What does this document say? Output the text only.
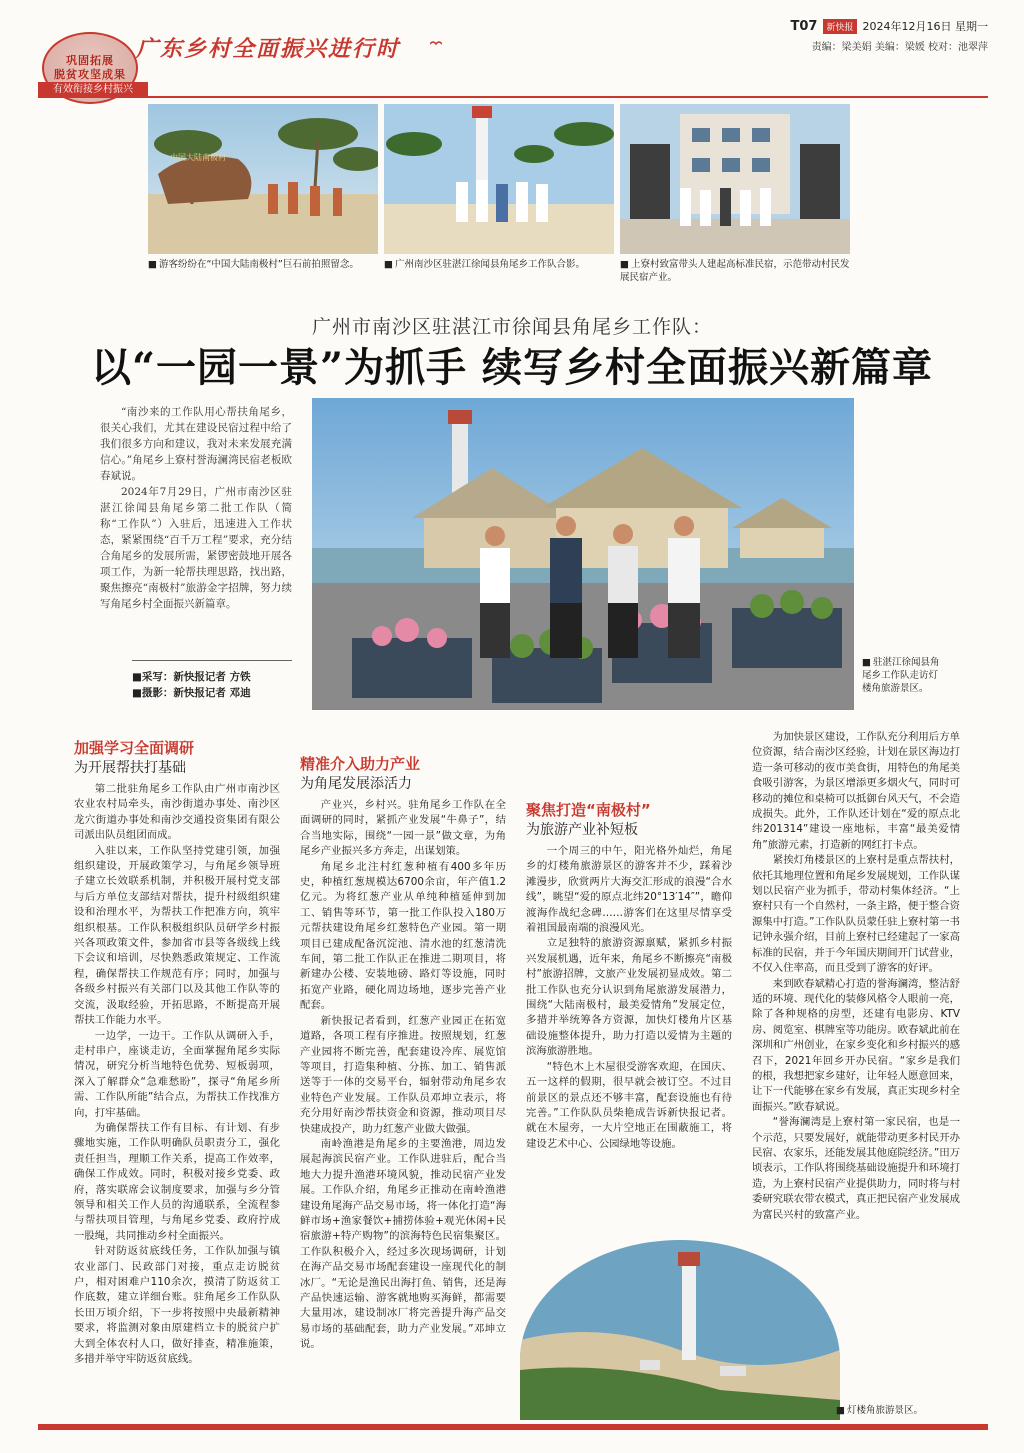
巩固拓展
脱贫攻坚成果
有效衔接乡村振兴
广东乡村全面振兴进行时
T07	新快报 2024年12月16日 星期一
责编：梁美娟 美编：梁媛 校对：池翠萍
中国大陆南极村
■ 游客纷纷在“中国大陆南极村”巨石前拍照留念。	■ 广州南沙区驻湛江徐闻县角尾乡工作队合影。	■ 上寮村致富带头人建起高标准民宿，示范带动村民发展民宿产业。
广州市南沙区驻湛江市徐闻县角尾乡工作队：
以“一园一景”为抓手 续写乡村全面振兴新篇章

“南沙来的工作队用心帮扶角尾乡，很关心我们，尤其在建设民宿过程中给了我们很多方向和建议，我对未来发展充满信心。”角尾乡上寮村誉海澜湾民宿老板欧春斌说。

2024年7月29日，广州市南沙区驻湛江徐闻县角尾乡第二批工作队（简称“工作队”）入驻后，迅速进入工作状态，紧紧围绕“百千万工程”要求，充分结合角尾乡的发展所需，紧锣密鼓地开展各项工作，为新一轮帮扶理思路，找出路，聚焦擦亮“南极村”旅游金字招牌，努力续写角尾乡村全面振兴新篇章。

■采写：新快报记者 方铁
■摄影：新快报记者 邓迪
■ 驻湛江徐闻县角尾乡工作队走访灯楼角旅游景区。
加强学习全面调研
为开展帮扶打基础

第二批驻角尾乡工作队由广州市南沙区农业农村局牵头，南沙街道办事处、南沙区龙穴街道办事处和南沙交通投资集团有限公司派出队员组团而成。

入驻以来，工作队坚持党建引领，加强组织建设，开展政策学习，与角尾乡领导班子建立长效联系机制，并积极开展村党支部与后方单位支部结对帮扶，提升村级组织建设和治理水平，为帮扶工作把准方向，筑牢组织根基。工作队积极组织队员研学乡村振兴各项政策文件，参加省市县等各级线上线下会议和培训，尽快熟悉政策规定、工作流程，确保帮扶工作规范有序；同时，加强与各级乡村振兴有关部门以及其他工作队等的交流，汲取经验，开拓思路，不断提高开展帮扶工作能力水平。

一边学，一边干。工作队从调研入手，走村串户，座谈走访，全面掌握角尾乡实际情况，研究分析当地特色优势、短板弱项，深入了解群众“急难愁盼”，探寻“角尾乡所需、工作队所能”结合点，为帮扶工作找准方向，打牢基础。

为确保帮扶工作有目标、有计划、有步骤地实施，工作队明确队员职责分工，强化责任担当，理顺工作关系，提高工作效率，确保工作成效。同时，积极对接乡党委、政府，落实联席会议制度要求，加强与乡分管领导和相关工作人员的沟通联系，全流程参与帮扶项目管理，与角尾乡党委、政府拧成一股绳，共同推动乡村全面振兴。

针对防返贫底线任务，工作队加强与镇农业部门、民政部门对接，重点走访脱贫户，相对困难户110余次，摸清了防返贫工作底数，建立详细台账。驻角尾乡工作队队长田万顷介绍，下一步将按照中央最新精神要求，将监测对象由原建档立卡的脱贫户扩大到全体农村人口，做好排查，精准施策，多措并举守牢防返贫底线。

精准介入助力产业
为角尾发展添活力

产业兴，乡村兴。驻角尾乡工作队在全面调研的同时，紧抓产业发展“牛鼻子”，结合当地实际，围绕“一园一景”做文章，为角尾乡产业振兴多方奔走，出谋划策。

角尾乡北注村红葱种植有400多年历史，种植红葱规模达6700余亩，年产值1.2亿元。为将红葱产业从单纯种植延伸到加工、销售等环节，第一批工作队投入180万元帮扶建设角尾乡红葱特色产业园。第一期项目已建成配备沉淀池、清水池的红葱清洗车间，第二批工作队正在推进二期项目，将新建办公楼、安装地磅、路灯等设施，同时拓宽产业路，硬化周边场地，逐步完善产业配套。

新快报记者看到，红葱产业园正在拓宽道路，各项工程有序推进。按照规划，红葱产业园将不断完善，配套建设冷库、展览馆等项目，打造集种植、分拣、加工、销售派送等于一体的交易平台，辐射带动角尾乡农业特色产业发展。工作队员邓坤立表示，将充分用好南沙帮扶资金和资源，推动项目尽快建成投产，助力红葱产业做大做强。

南岭渔港是角尾乡的主要渔港，周边发展起海滨民宿产业。工作队进驻后，配合当地大力提升渔港环境风貌，推动民宿产业发展。工作队介绍，角尾乡正推动在南岭渔港建设角尾海产品交易市场，将一体化打造“海鲜市场+渔家餐饮+捕捞体验+观光休闲+民宿旅游+特产购物”的滨海特色民宿集聚区。工作队积极介入，经过多次现场调研，计划在海产品交易市场配套建设一座现代化的制冰厂。“无论是渔民出海打鱼、销售，还是海产品快速运输、游客就地购买海鲜，都需要大量用冰，建设制冰厂将完善提升海产品交易市场的基础配套，助力产业发展。”邓坤立说。

聚焦打造“南极村”
为旅游产业补短板

一个周三的中午，阳光格外灿烂，角尾乡的灯楼角旅游景区的游客并不少，踩着沙滩漫步，欣赏两片大海交汇形成的浪漫“合水线”，眺望“爱的原点北纬20°13′14″”，瞻仰渡海作战纪念碑……游客们在这里尽情享受着祖国最南端的浪漫风光。

立足独特的旅游资源禀赋，紧抓乡村振兴发展机遇，近年来，角尾乡不断擦亮“南极村”旅游招牌，文旅产业发展初显成效。第二批工作队也充分认识到角尾旅游发展潜力，围绕“大陆南极村，最美爱情角”发展定位，多措并举统筹各方资源，加快灯楼角片区基础设施整体提升，助力打造以爱情为主题的滨海旅游胜地。

“特色木上木屋很受游客欢迎，在国庆、五一这样的假期，很早就会被订空。不过目前景区的景点还不够丰富，配套设施也有待完善。”工作队队员柴艳成告诉新快报记者。就在木屋旁，一大片空地正在围蔽施工，将建设艺术中心、公园绿地等设施。

为加快景区建设，工作队充分利用后方单位资源，结合南沙区经验，计划在景区海边打造一条可移动的夜市美食街，用特色的角尾美食吸引游客，为景区增添更多烟火气，同时可移动的摊位和桌椅可以抵御台风天气，不会造成损失。此外，工作队还计划在“爱的原点北纬201314”建设一座地标，丰富“最美爱情角”旅游元素，打造新的网红打卡点。

紧挨灯角楼景区的上寮村是重点帮扶村，依托其地理位置和角尾乡发展规划，工作队谋划以民宿产业为抓手，带动村集体经济。“上寮村只有一个自然村，一条主路，便于整合资源集中打造。”工作队队员蒙任驻上寮村第一书记钟永强介绍，目前上寮村已经建起了一家高标准的民宿，并于今年国庆期间开门试营业，不仅入住率高，而且受到了游客的好评。

来到欧春斌精心打造的誉海澜湾，整洁舒适的环境、现代化的装修风格令人眼前一亮，除了各种规格的房型，还建有电影房、KTV房、阅览室、棋牌室等功能房。欧春斌此前在深圳和广州创业，在家乡变化和乡村振兴的感召下，2021年回乡开办民宿。“家乡是我们的根，我想把家乡建好，让年轻人愿意回来，让下一代能够在家乡有发展，真正实现乡村全面振兴。”欧春斌说。

“誉海澜湾是上寮村第一家民宿，也是一个示范，只要发展好，就能带动更多村民开办民宿、农家乐，还能发展其他庭院经济。”田万顷表示，工作队将围绕基础设施提升和环境打造，为上寮村民宿产业提供助力，同时将与村委研究联农带农模式，真正把民宿产业发展成为富民兴村的致富产业。

■ 灯楼角旅游景区。
